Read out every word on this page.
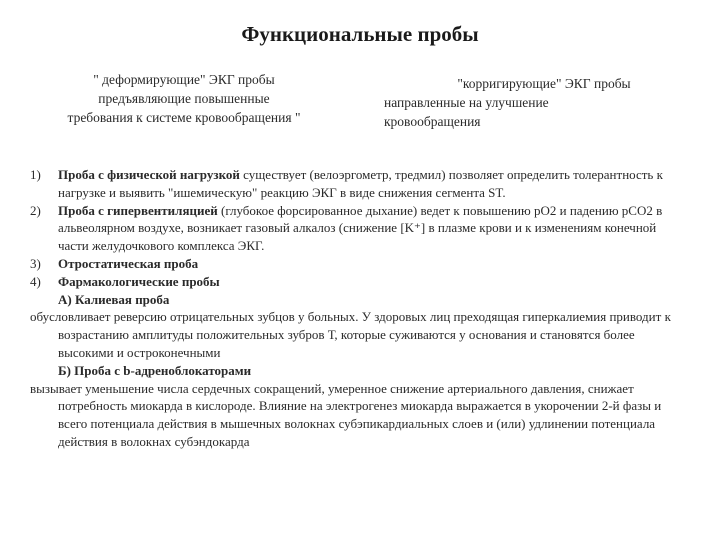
Функциональные пробы
" деформирующие" ЭКГ пробы
предъявляющие повышенные
требования к системе кровообращения "
"корригирующие" ЭКГ пробы
направленные на улучшение
кровообращения
1) Проба с физической нагрузкой существует (велоэргометр, тредмил) позволяет определить толерантность к нагрузке и выявить "ишемическую" реакцию ЭКГ в виде снижения сегмента ST.
2) Проба с гипервентиляцией (глубокое форсированное дыхание) ведет к повышению рО2 и падению рСО2 в альвеолярном воздухе, возникает газовый алкалоз (снижение [K⁺] в плазме крови и к изменениям конечной части желудочкового комплекса ЭКГ.
3) Отростатическая проба
4) Фармакологические пробы
А) Калиевая проба
обусловливает реверсию отрицательных зубцов у больных. У здоровых лиц преходящая гиперкалиемия приводит к возрастанию амплитуды положительных зубров Т, которые суживаются у основания и становятся более высокими и остроконечными
Б) Проба с b-адреноблокаторами
вызывает уменьшение числа сердечных сокращений, умеренное снижение артериального давления, снижает потребность миокарда в кислороде. Влияние на электрогенез миокарда выражается в укорочении 2-й фазы и всего потенциала действия в мышечных волокнах субэпикардиальных слоев и (или) удлинении потенциала действия в волокнах субэндокарда
